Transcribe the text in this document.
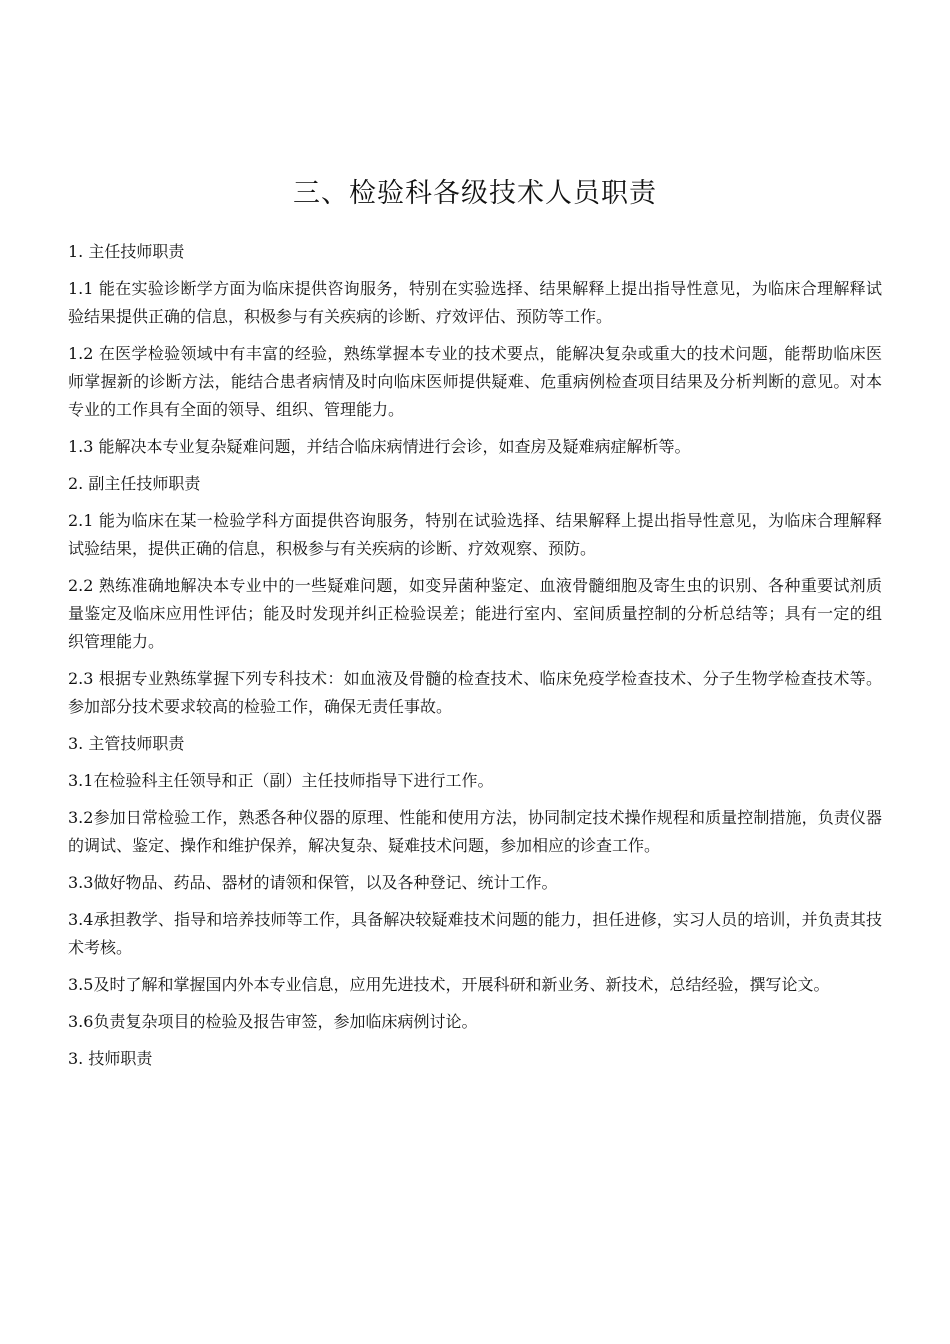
三、检验科各级技术人员职责

1. 主任技师职责

1.1 能在实验诊断学方面为临床提供咨询服务，特别在实验选择、结果解释上提出指导性意见，为临床合理解释试验结果提供正确的信息，积极参与有关疾病的诊断、疗效评估、预防等工作。

1.2 在医学检验领域中有丰富的经验，熟练掌握本专业的技术要点，能解决复杂或重大的技术问题，能帮助临床医师掌握新的诊断方法，能结合患者病情及时向临床医师提供疑难、危重病例检查项目结果及分析判断的意见。对本专业的工作具有全面的领导、组织、管理能力。

1.3 能解决本专业复杂疑难问题，并结合临床病情进行会诊，如查房及疑难病症解析等。

2. 副主任技师职责

2.1 能为临床在某一检验学科方面提供咨询服务，特别在试验选择、结果解释上提出指导性意见，为临床合理解释试验结果，提供正确的信息，积极参与有关疾病的诊断、疗效观察、预防。

2.2 熟练准确地解决本专业中的一些疑难问题，如变异菌种鉴定、血液骨髓细胞及寄生虫的识别、各种重要试剂质量鉴定及临床应用性评估；能及时发现并纠正检验误差；能进行室内、室间质量控制的分析总结等；具有一定的组织管理能力。

2.3 根据专业熟练掌握下列专科技术：如血液及骨髓的检查技术、临床免疫学检查技术、分子生物学检查技术等。参加部分技术要求较高的检验工作，确保无责任事故。

3. 主管技师职责

3.1在检验科主任领导和正（副）主任技师指导下进行工作。

3.2参加日常检验工作，熟悉各种仪器的原理、性能和使用方法，协同制定技术操作规程和质量控制措施，负责仪器的调试、鉴定、操作和维护保养，解决复杂、疑难技术问题，参加相应的诊查工作。

3.3做好物品、药品、器材的请领和保管，以及各种登记、统计工作。

3.4承担教学、指导和培养技师等工作，具备解决较疑难技术问题的能力，担任进修，实习人员的培训，并负责其技术考核。

3.5及时了解和掌握国内外本专业信息，应用先进技术，开展科研和新业务、新技术，总结经验，撰写论文。

3.6负责复杂项目的检验及报告审签，参加临床病例讨论。

3. 技师职责
